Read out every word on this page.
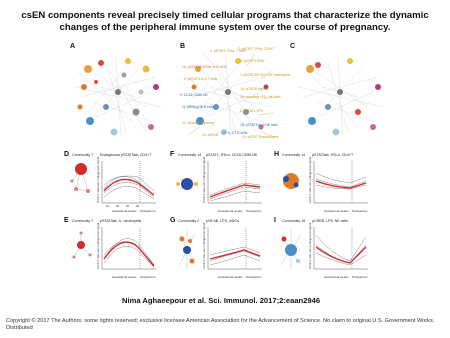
csEN components reveal precisely timed cellular programs that characterize the dynamic changes of the peripheral immune system over the course of pregnancy.
A	B	C
1: pSTAT1 IFNa, T cells
2: pSTAT1 IFNa, CD4+T
14: pSTAT3/5 IFNa, IL-6 mDC
3: pSTAT5 IFNa
6: pSTAT5 IL-6 T cells
9: CD16 CD56 NK
7: pSTAT3/5 GM-CSF neutrophils
16: signaling LPS, NK cells
11: pERK/p38 B cells
8: pSTAT1 LPS
15: pCREB signal
18: pSTAT5 IL-6 NK cells
12: cellular frequency
13: pNFkB 17: IL-2/7 B cells
10: pSTAT Granulocytes
D Community 7 Endogenous pSTAT5ab, CD4+T	F Community 14 pSTAT1, IFN-α, CD16-CD56 NK H Community 14 pSTAT5ab, IFN-α, CD4+T
E Community 7 pSTAT3ab, IL, neutrophils	G Community 2 pNF-kB, LPS, mDCs	I Community 18 pCREB, LPS, NK cells
Gestational weeks Postpartum	Gestational weeks Postpartum	Gestational weeks Postpartum
Gestational weeks Postpartum	Gestational weeks Postpartum	Gestational weeks Postpartum
Arcsinh ratio over endogenous signal	Arcsinh ratio over endogenous signal	Arcsinh ratio over endogenous signal
Arcsinh ratio over endogenous signal	Arcsinh ratio over endogenous signal	Arcsinh ratio over endogenous signal
10 20 30 40
Nima Aghaeepour et al. Sci. Immunol. 2017;2:eaan2946
Copyright © 2017 The Authors, some rights reserved; exclusive licensee American Association for the Advancement of Science. No claim to original U.S. Government Works. Distributed
